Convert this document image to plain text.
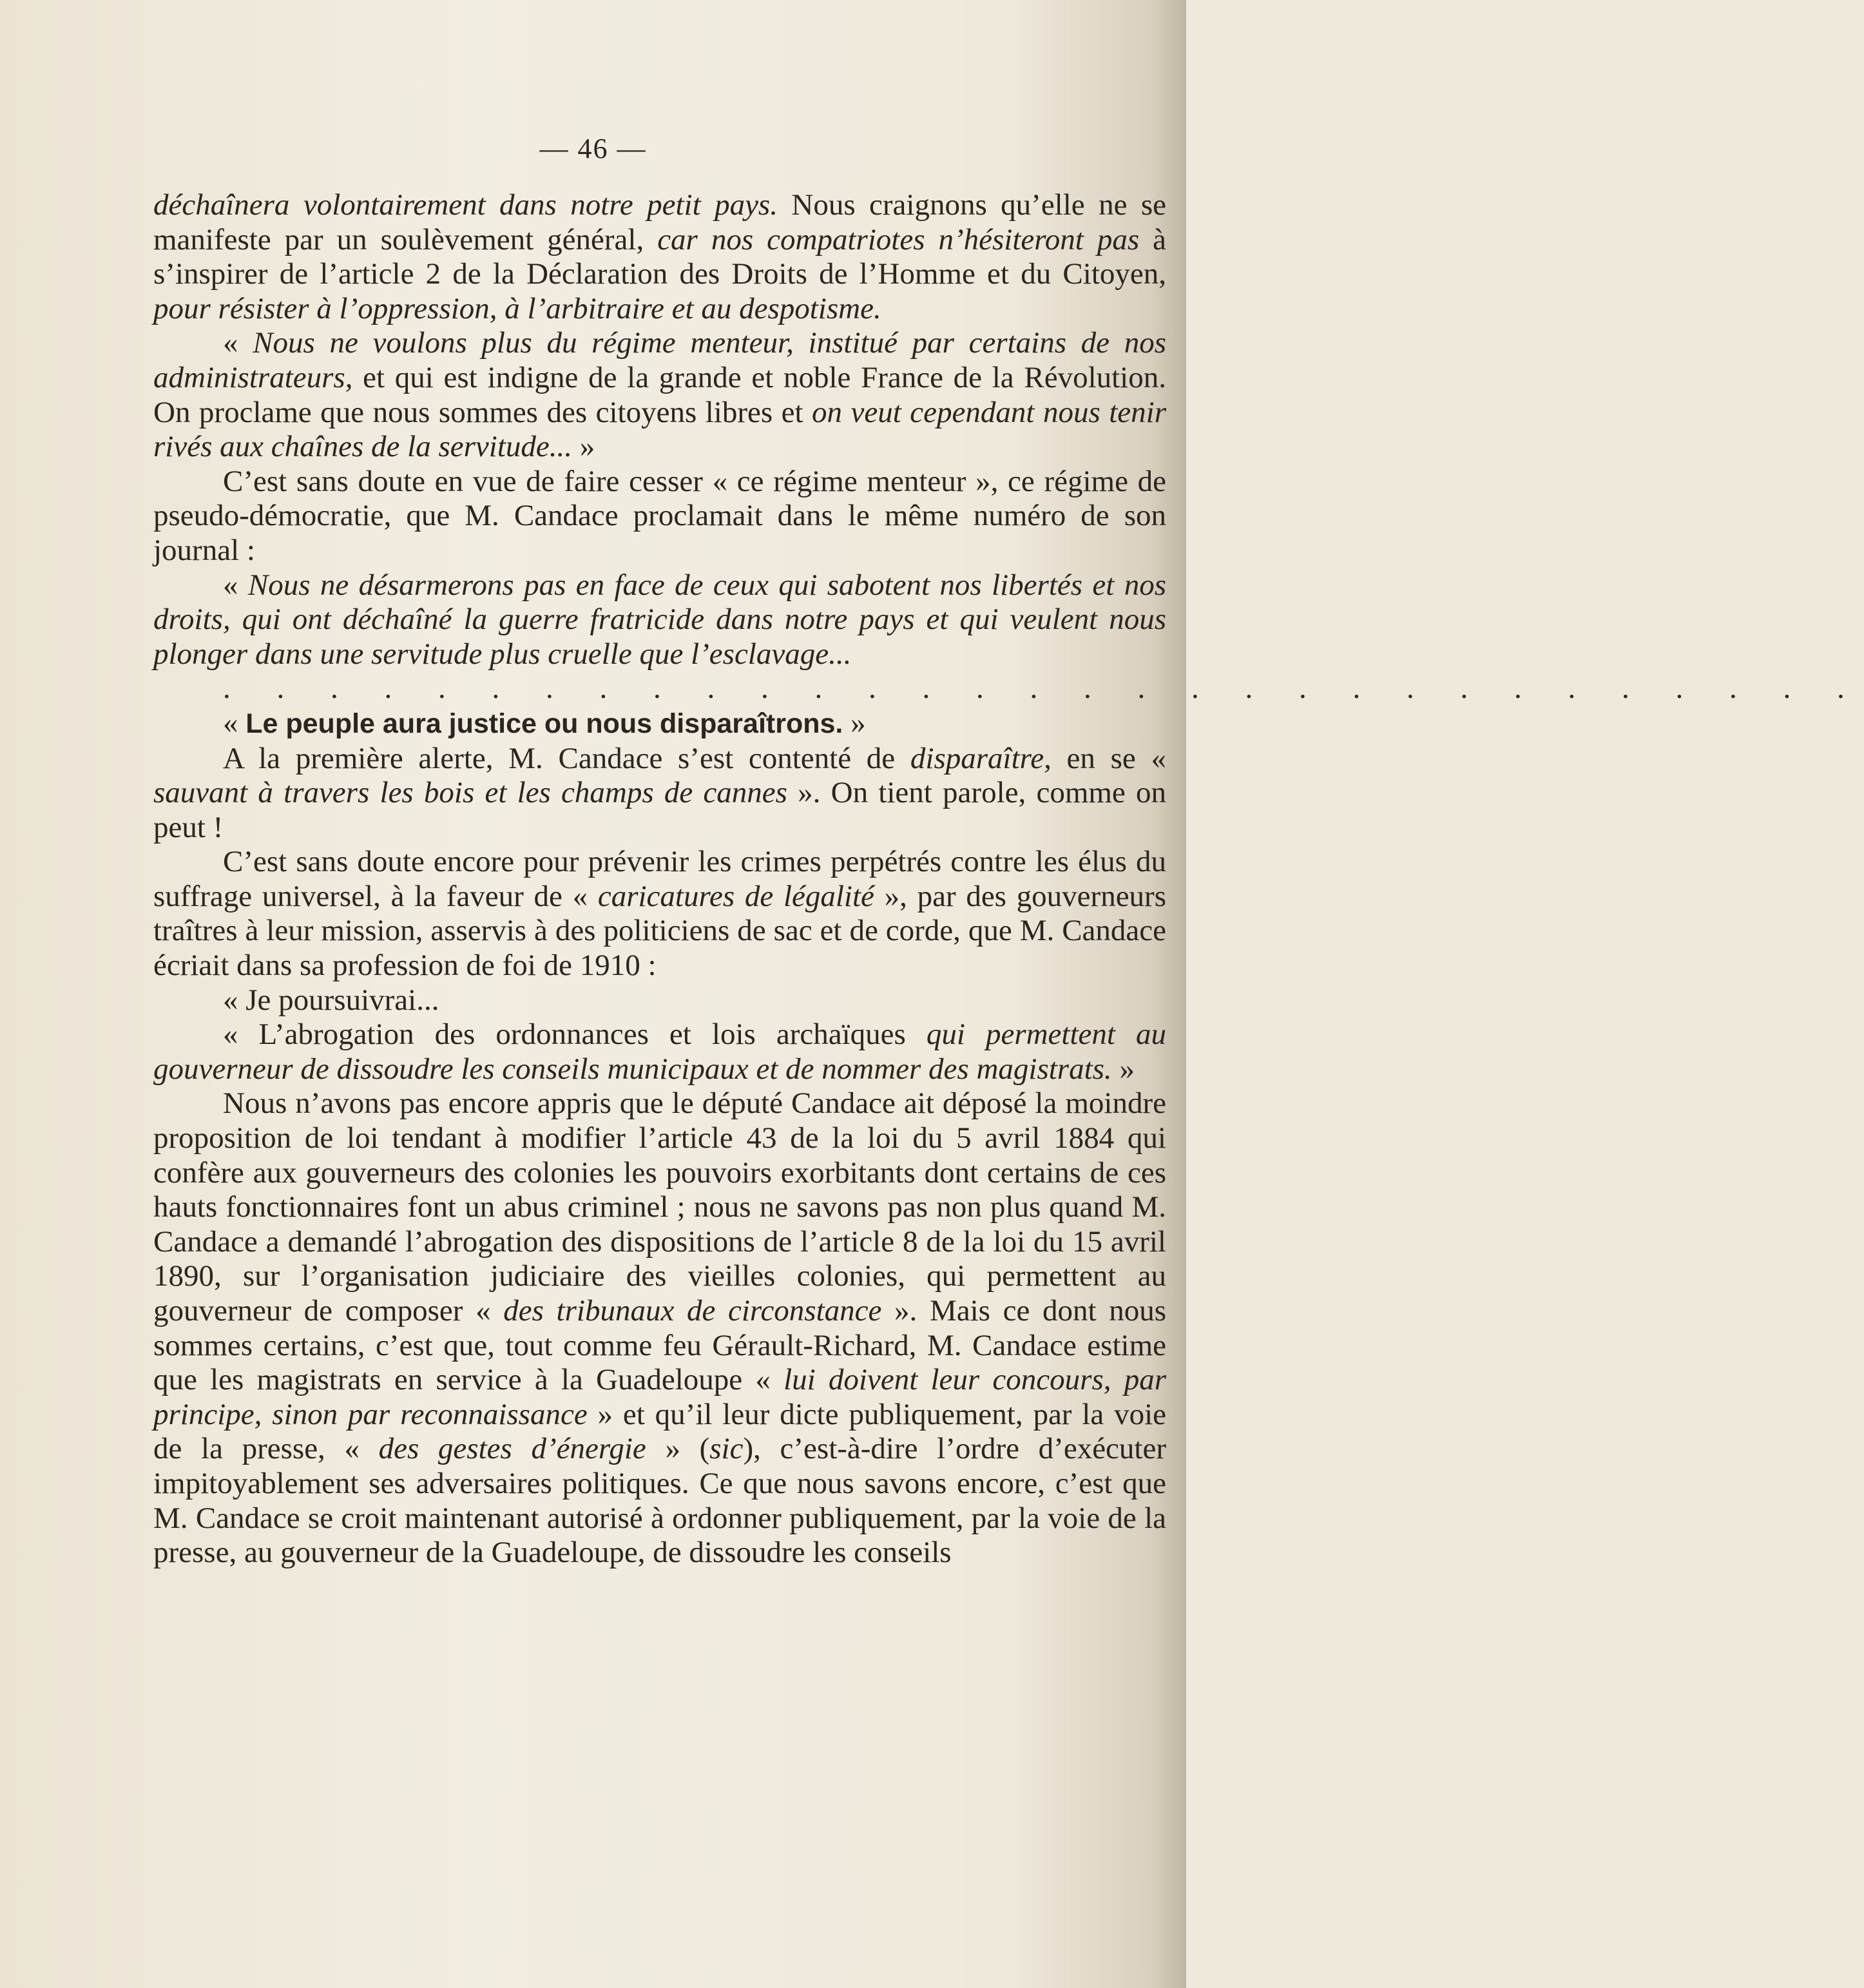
— 46 —

déchaînera volontairement dans notre petit pays. Nous craignons qu’elle ne se manifeste par un soulèvement général, car nos compatriotes n’hésiteront pas à s’inspirer de l’article 2 de la Déclaration des Droits de l’Homme et du Citoyen, pour résister à l’oppression, à l’arbitraire et au despotisme.

« Nous ne voulons plus du régime menteur, institué par certains de nos administrateurs, et qui est indigne de la grande et noble France de la Révolution. On proclame que nous sommes des citoyens libres et on veut cependant nous tenir rivés aux chaînes de la servitude... »

C’est sans doute en vue de faire cesser « ce régime menteur », ce régime de pseudo-démocratie, que M. Candace proclamait dans le même numéro de son journal :

« Nous ne désarmerons pas en face de ceux qui sabotent nos libertés et nos droits, qui ont déchaîné la guerre fratricide dans notre pays et qui veulent nous plonger dans une servitude plus cruelle que l’esclavage...

. . . . . . . . . . . . . . . . . . . . . . . . . . . . . . .

« Le peuple aura justice ou nous disparaîtrons. »

A la première alerte, M. Candace s’est contenté de disparaître, en se « sauvant à travers les bois et les champs de cannes ». On tient parole, comme on peut !

C’est sans doute encore pour prévenir les crimes perpétrés contre les élus du suffrage universel, à la faveur de « caricatures de légalité », par des gouverneurs traîtres à leur mission, asservis à des politiciens de sac et de corde, que M. Candace écriait dans sa profession de foi de 1910 :

« Je poursuivrai...

« L’abrogation des ordonnances et lois archaïques qui permettent au gouverneur de dissoudre les conseils municipaux et de nommer des magistrats. »

Nous n’avons pas encore appris que le député Candace ait déposé la moindre proposition de loi tendant à modifier l’article 43 de la loi du 5 avril 1884 qui confère aux gouverneurs des colonies les pouvoirs exorbitants dont certains de ces hauts fonctionnaires font un abus criminel ; nous ne savons pas non plus quand M. Candace a demandé l’abrogation des dispositions de l’article 8 de la loi du 15 avril 1890, sur l’organisation judiciaire des vieilles colonies, qui permettent au gouverneur de composer « des tribunaux de circonstance ». Mais ce dont nous sommes certains, c’est que, tout comme feu Gérault-Richard, M. Candace estime que les magistrats en service à la Guadeloupe « lui doivent leur concours, par principe, sinon par reconnaissance » et qu’il leur dicte publiquement, par la voie de la presse, « des gestes d’énergie » (sic), c’est-à-dire l’ordre d’exécuter impitoyablement ses adversaires politiques. Ce que nous savons encore, c’est que M. Candace se croit maintenant autorisé à ordonner publiquement, par la voie de la presse, au gouverneur de la Guadeloupe, de dissoudre les conseils
